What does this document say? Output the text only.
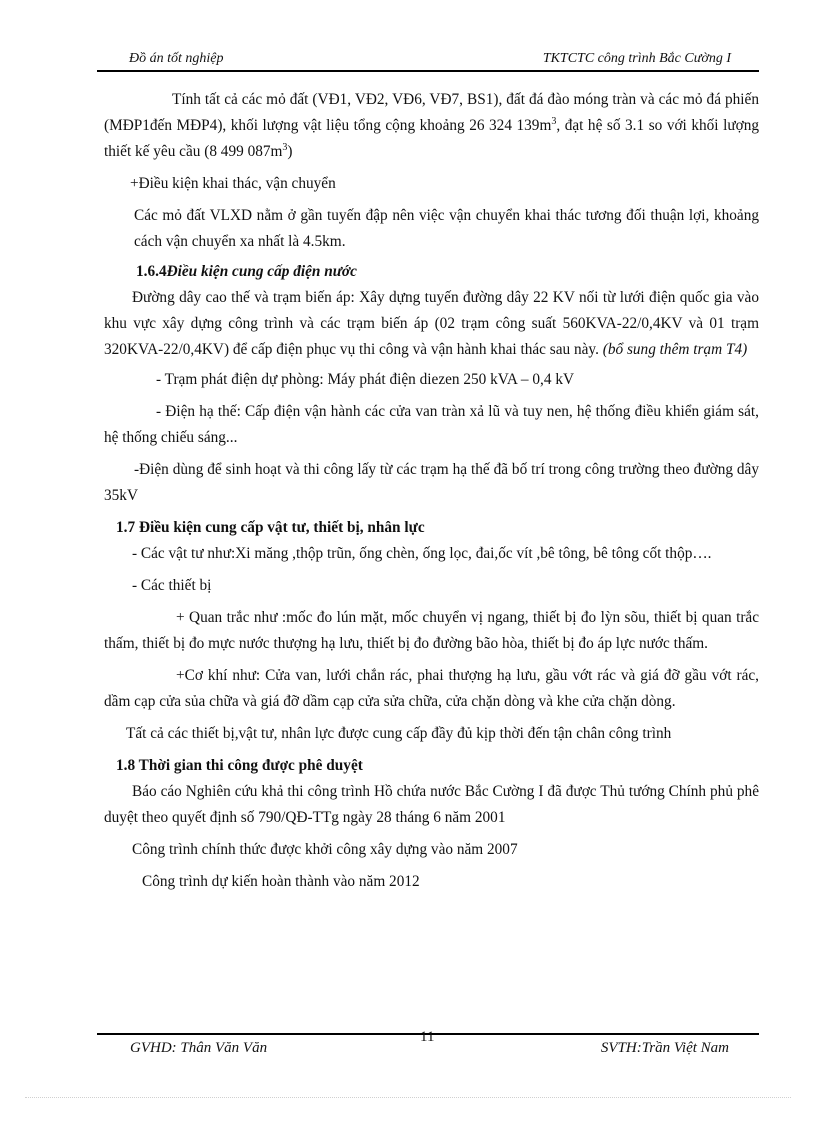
Đồ án tốt nghiệp	TKTCTC công trình Bắc Cường I

Tính tất cả các mỏ đất (VĐ1, VĐ2, VĐ6, VĐ7, BS1), đất đá đào móng tràn và các mỏ đá phiến (MĐP1đến MĐP4), khối lượng vật liệu tổng cộng khoảng 26 324 $139m^3$, đạt hệ số 3.1 so với khối lượng thiết kế yêu cầu (8 499 $087m^3$)

+Điều kiện khai thác, vận chuyển

Các mỏ đất VLXD nằm ở gần tuyến đập nên việc vận chuyển khai thác tương đối thuận lợi, khoảng cách vận chuyển xa nhất là 4.5km.

1.6.4Điều kiện cung cấp điện nước

Đường dây cao thế và trạm biến áp: Xây dựng tuyến đường dây 22 KV nối từ lưới điện quốc gia vào khu vực xây dựng công trình và các trạm biến áp (02 trạm công suất 560KVA-22/0,4KV và 01 trạm 320KVA-22/0,4KV) để cấp điện phục vụ thi công và vận hành khai thác sau này. (bổ sung thêm trạm T4)

- Trạm phát điện dự phòng: Máy phát điện diezen 250 kVA – 0,4 kV

- Điện hạ thế: Cấp điện vận hành các cửa van tràn xả lũ và tuy nen, hệ thống điều khiển giám sát, hệ thống chiếu sáng...

-Điện dùng để sinh hoạt và thi công lấy từ các trạm hạ thế đã bố trí trong công trường theo đường dây 35kV

1.7 Điều kiện cung cấp vật tư, thiết bị, nhân lực

- Các vật tư như:Xi măng ,thộp trũn, ống chèn, ống lọc, đai,ốc vít ,bê tông, bê tông cốt thộp….

- Các thiết bị

+ Quan trắc như :mốc đo lún mặt, mốc chuyển vị ngang, thiết bị đo lỳn sõu, thiết bị quan trắc thấm, thiết bị đo mực nước thượng hạ lưu, thiết bị đo đường bão hòa, thiết bị đo áp lực nước thấm.

+Cơ khí như: Cửa van, lưới chắn rác, phai thượng hạ lưu, gầu vớt rác và giá đỡ gầu vớt rác, dầm cạp cửa sủa chữa và giá đỡ dầm cạp cửa sửa chữa, cửa chặn dòng và khe cửa chặn dòng.

Tất cả các thiết bị,vật tư, nhân lực được cung cấp đầy đủ kịp thời đến tận chân công trình

1.8 Thời gian thi công được phê duyệt

Báo cáo Nghiên cứu khả thi công trình Hồ chứa nước Bắc Cường I đã được Thủ tướng Chính phủ phê duyệt theo quyết định số 790/QĐ-TTg ngày 28 tháng 6 năm 2001

Công trình chính thức được khởi công xây dựng vào năm 2007

Công trình dự kiến hoàn thành vào năm 2012

GVHD: Thân Văn Văn
11
SVTH:Trần Việt Nam
